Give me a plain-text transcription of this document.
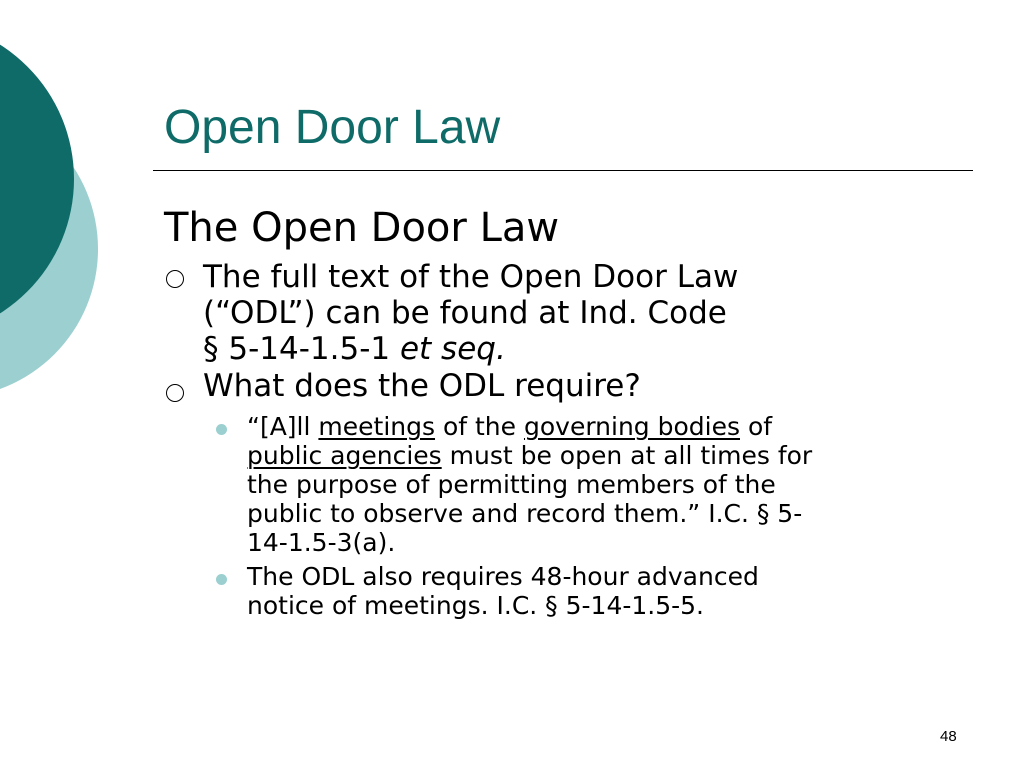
Open Door Law
The Open Door Law
The full text of the Open Door Law
(“ODL”) can be found at Ind. Code
§ 5-14-1.5-1 et seq.
What does the ODL require?
“[A]ll meetings of the governing bodies of
public agencies must be open at all times for
the purpose of permitting members of the
public to observe and record them.” I.C. § 5-
14-1.5-3(a).
The ODL also requires 48-hour advanced
notice of meetings. I.C. § 5-14-1.5-5.
48
